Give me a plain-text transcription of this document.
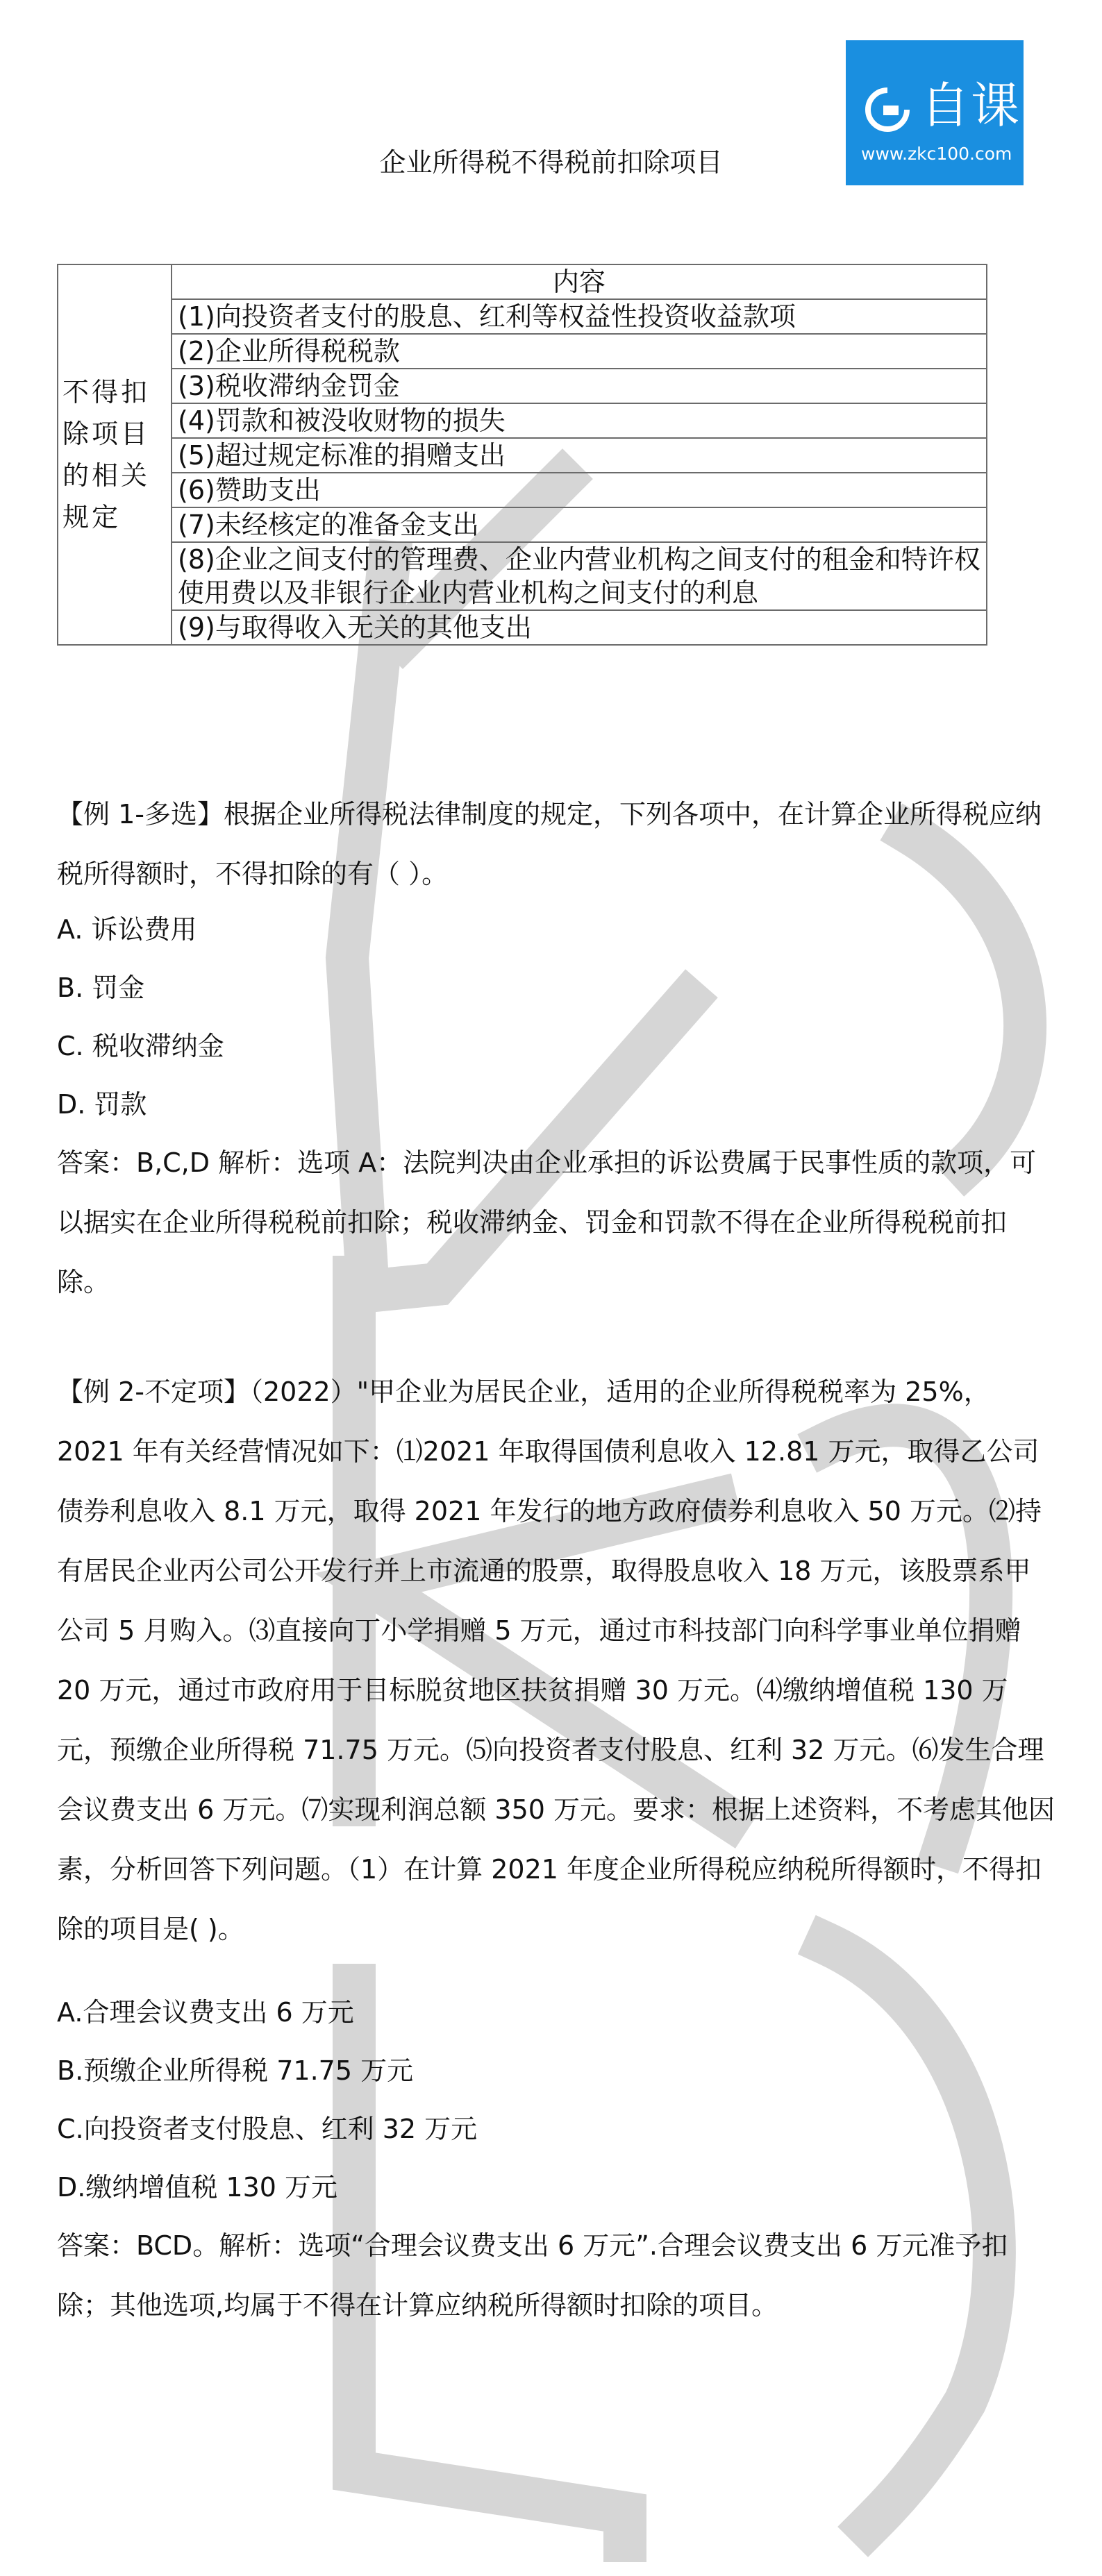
自课
www.zkc100.com
企业所得税不得税前扣除项目
不得扣除项目的相关规定	内容
(1)向投资者支付的股息、红利等权益性投资收益款项
(2)企业所得税税款
(3)税收滞纳金罚金
(4)罚款和被没收财物的损失
(5)超过规定标准的捐赠支出
(6)赞助支出
(7)未经核定的准备金支出
(8)企业之间支付的管理费、企业内营业机构之间支付的租金和特许权使用费以及非银行企业内营业机构之间支付的利息
(9)与取得收入无关的其他支出

【例 1-多选】根据企业所得税法律制度的规定，下列各项中，在计算企业所得税应纳税所得额时，不得扣除的有（ ）。

A. 诉讼费用
B. 罚金
C. 税收滞纳金
D. 罚款

答案：B,C,D 解析：选项 A：法院判决由企业承担的诉讼费属于民事性质的款项，可以据实在企业所得税税前扣除；税收滞纳金、罚金和罚款不得在企业所得税税前扣除。

【例 2-不定项】（2022）"甲企业为居民企业，适用的企业所得税税率为 25%，2021 年有关经营情况如下：⑴2021 年取得国债利息收入 12.81 万元，取得乙公司债券利息收入 8.1 万元，取得 2021 年发行的地方政府债券利息收入 50 万元。⑵持有居民企业丙公司公开发行并上市流通的股票，取得股息收入 18 万元，该股票系甲公司 5 月购入。⑶直接向丁小学捐赠 5 万元，通过市科技部门向科学事业单位捐赠 20 万元，通过市政府用于目标脱贫地区扶贫捐赠 30 万元。⑷缴纳增值税 130 万元，预缴企业所得税 71.75 万元。⑸向投资者支付股息、红利 32 万元。⑹发生合理会议费支出 6 万元。⑺实现利润总额 350 万元。要求：根据上述资料，不考虑其他因素，分析回答下列问题。（1）在计算 2021 年度企业所得税应纳税所得额时，不得扣除的项目是( )。

A.合理会议费支出 6 万元
B.预缴企业所得税 71.75 万元
C.向投资者支付股息、红利 32 万元
D.缴纳增值税 130 万元

答案：BCD。解析：选项“合理会议费支出 6 万元”.合理会议费支出 6 万元准予扣除；其他选项,均属于不得在计算应纳税所得额时扣除的项目。
